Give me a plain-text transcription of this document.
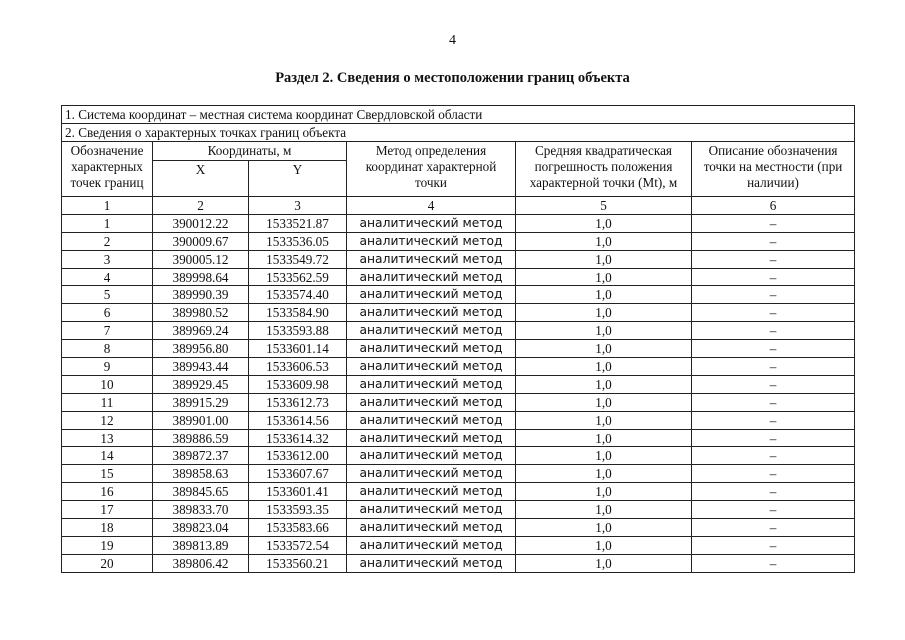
4
Раздел 2. Сведения о местоположении границ объекта
1. Система координат – местная система координат Свердловской области					
2. Сведения о характерных точках границ объекта					
Обозначение характерных точек границ	Координаты, м		Метод определения координат характерной точки	Средняя квадратическая погрешность положения характерной точки (Mt), м	Описание обозначения точки на местности (при наличии)
	X	Y			
1	2	3	4	5	6
1	390012.22	1533521.87	аналитический метод	1,0	–
2	390009.67	1533536.05	аналитический метод	1,0	–
3	390005.12	1533549.72	аналитический метод	1,0	–
4	389998.64	1533562.59	аналитический метод	1,0	–
5	389990.39	1533574.40	аналитический метод	1,0	–
6	389980.52	1533584.90	аналитический метод	1,0	–
7	389969.24	1533593.88	аналитический метод	1,0	–
8	389956.80	1533601.14	аналитический метод	1,0	–
9	389943.44	1533606.53	аналитический метод	1,0	–
10	389929.45	1533609.98	аналитический метод	1,0	–
11	389915.29	1533612.73	аналитический метод	1,0	–
12	389901.00	1533614.56	аналитический метод	1,0	–
13	389886.59	1533614.32	аналитический метод	1,0	–
14	389872.37	1533612.00	аналитический метод	1,0	–
15	389858.63	1533607.67	аналитический метод	1,0	–
16	389845.65	1533601.41	аналитический метод	1,0	–
17	389833.70	1533593.35	аналитический метод	1,0	–
18	389823.04	1533583.66	аналитический метод	1,0	–
19	389813.89	1533572.54	аналитический метод	1,0	–
20	389806.42	1533560.21	аналитический метод	1,0	–
